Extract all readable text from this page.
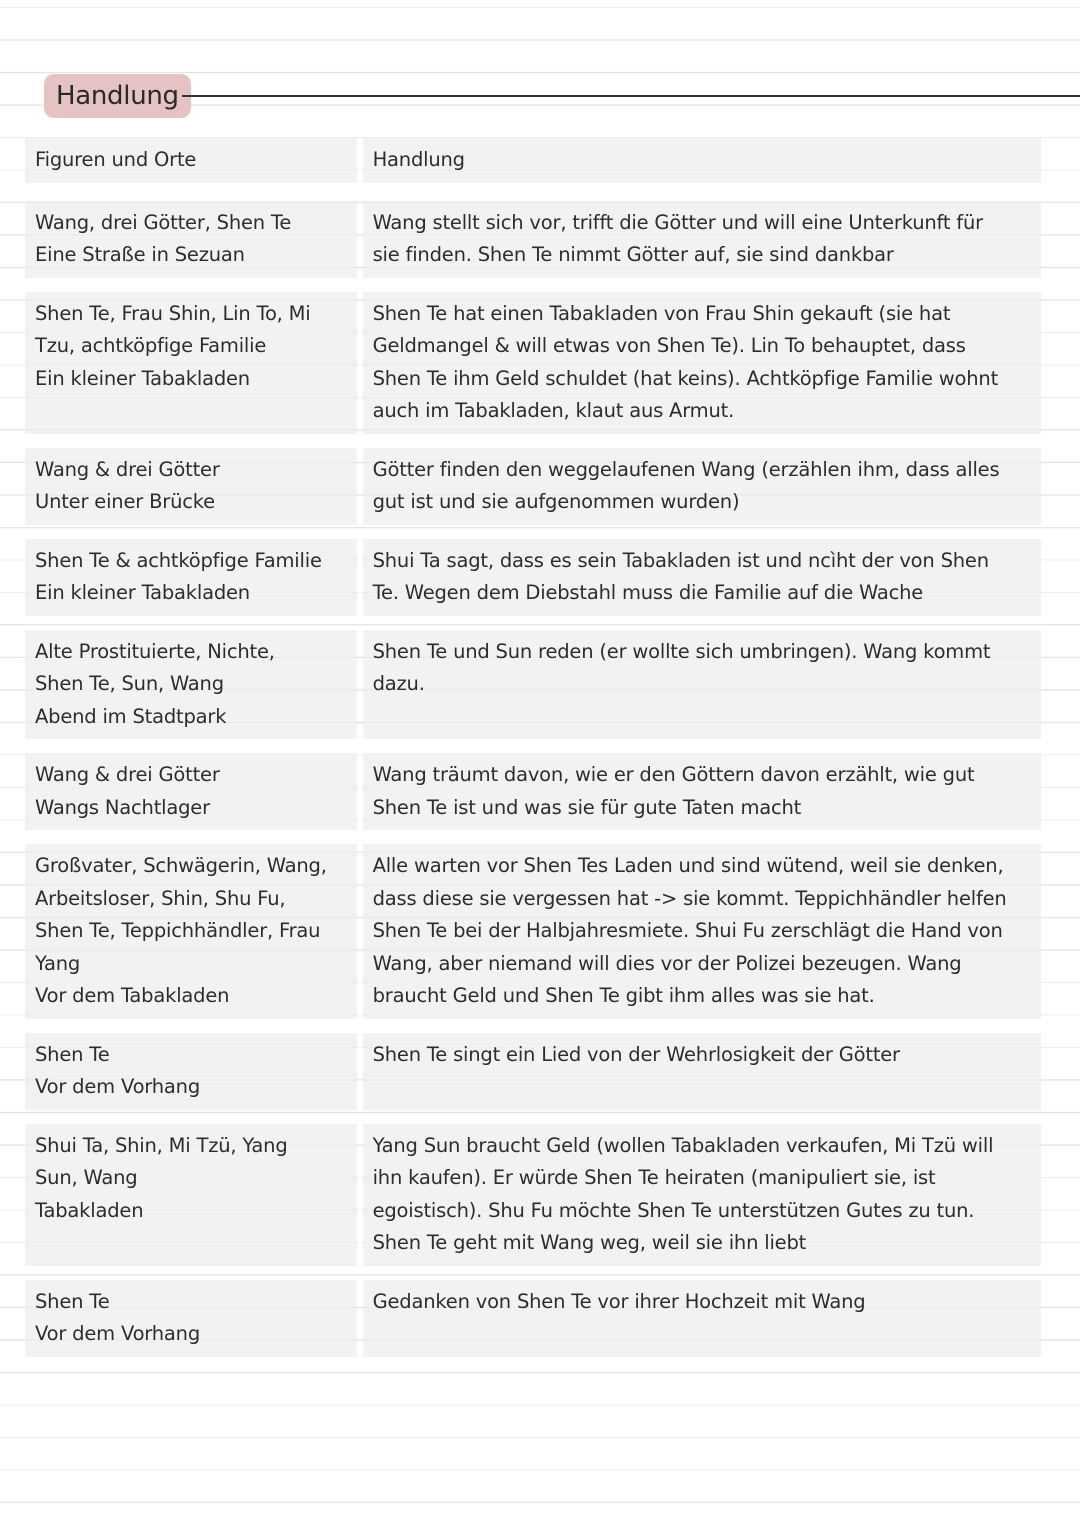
Handlung
Figuren und Orte	Handlung
Wang, drei Götter, Shen Te
Eine Straße in Sezuan
Wang stellt sich vor, trifft die Götter und will eine Unterkunft für
sie finden. Shen Te nimmt Götter auf, sie sind dankbar
Shen Te, Frau Shin, Lin To, Mi
Tzu, achtköpfige Familie
Ein kleiner Tabakladen

Shen Te hat einen Tabakladen von Frau Shin gekauft (sie hat
Geldmangel & will etwas von Shen Te). Lin To behauptet, dass
Shen Te ihm Geld schuldet (hat keins). Achtköpfige Familie wohnt
auch im Tabakladen, klaut aus Armut.
Wang & drei Götter
Unter einer Brücke
Götter finden den weggelaufenen Wang (erzählen ihm, dass alles
gut ist und sie aufgenommen wurden)
Shen Te & achtköpfige Familie
Ein kleiner Tabakladen
Shui Ta sagt, dass es sein Tabakladen ist und ncìht der von Shen
Te. Wegen dem Diebstahl muss die Familie auf die Wache
Alte Prostituierte, Nichte,
Shen Te, Sun, Wang
Abend im Stadtpark
Shen Te und Sun reden (er wollte sich umbringen). Wang kommt
dazu.

Wang & drei Götter
Wangs Nachtlager
Wang träumt davon, wie er den Göttern davon erzählt, wie gut
Shen Te ist und was sie für gute Taten macht
Großvater, Schwägerin, Wang,
Arbeitsloser, Shin, Shu Fu,
Shen Te, Teppichhändler, Frau
Yang
Vor dem Tabakladen
Alle warten vor Shen Tes Laden und sind wütend, weil sie denken,
dass diese sie vergessen hat -> sie kommt. Teppichhändler helfen
Shen Te bei der Halbjahresmiete. Shui Fu zerschlägt die Hand von
Wang, aber niemand will dies vor der Polizei bezeugen. Wang
braucht Geld und Shen Te gibt ihm alles was sie hat.
Shen Te
Vor dem Vorhang
Shen Te singt ein Lied von der Wehrlosigkeit der Götter

Shui Ta, Shin, Mi Tzü, Yang
Sun, Wang
Tabakladen

Yang Sun braucht Geld (wollen Tabakladen verkaufen, Mi Tzü will
ihn kaufen). Er würde Shen Te heiraten (manipuliert sie, ist
egoistisch). Shu Fu möchte Shen Te unterstützen Gutes zu tun.
Shen Te geht mit Wang weg, weil sie ihn liebt
Shen Te
Vor dem Vorhang
Gedanken von Shen Te vor ihrer Hochzeit mit Wang
